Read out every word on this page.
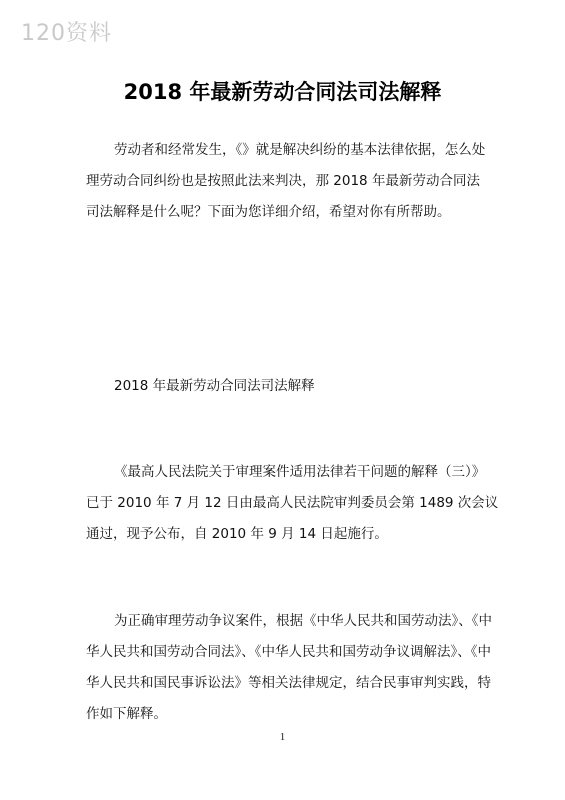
120资料
2018 年最新劳动合同法司法解释
劳动者和经常发生，《》就是解决纠纷的基本法律依据，怎么处
理劳动合同纠纷也是按照此法来判决，那 2018 年最新劳动合同法
司法解释是什么呢？下面为您详细介绍，希望对你有所帮助。
2018 年最新劳动合同法司法解释
《最高人民法院关于审理案件适用法律若干问题的解释（三）》
已于 2010 年 7 月 12 日由最高人民法院审判委员会第 1489 次会议
通过，现予公布，自 2010 年 9 月 14 日起施行。
为正确审理劳动争议案件，根据《中华人民共和国劳动法》、《中
华人民共和国劳动合同法》、《中华人民共和国劳动争议调解法》、《中
华人民共和国民事诉讼法》等相关法律规定，结合民事审判实践，特
作如下解释。
1
